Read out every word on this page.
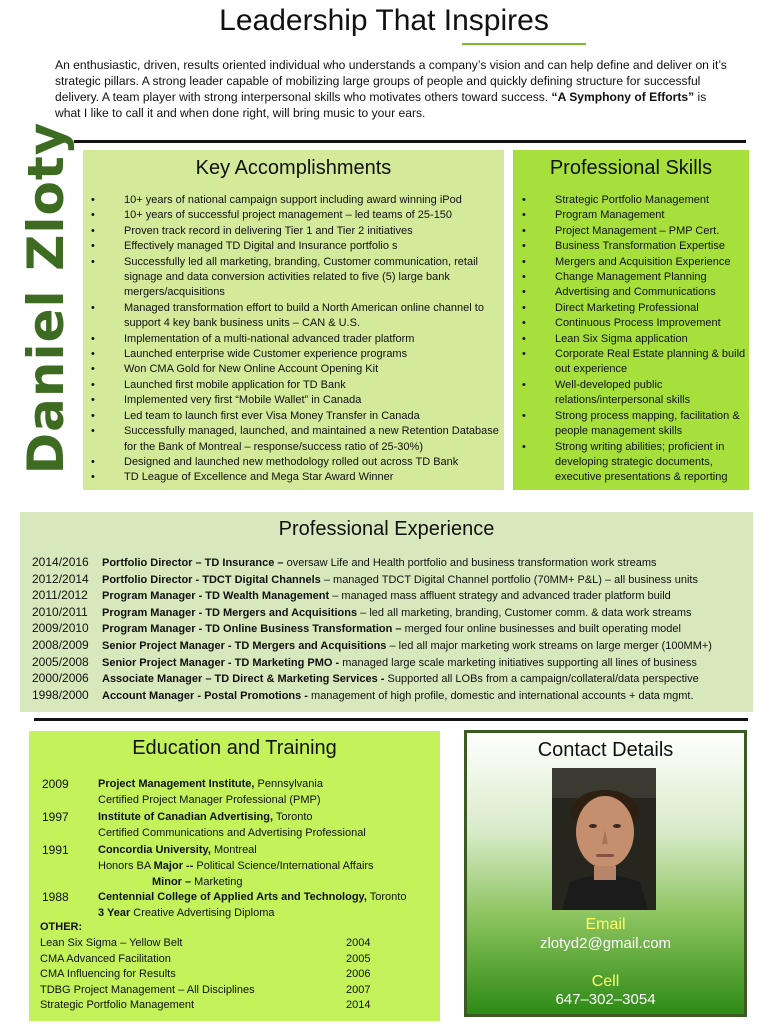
Leadership That Inspires
An enthusiastic, driven, results oriented individual who understands a company’s vision and can help define and deliver on it’s strategic pillars. A strong leader capable of mobilizing large groups of people and quickly defining structure for successful delivery. A team player with strong interpersonal skills who motivates others toward success. “A Symphony of Efforts” is what I like to call it and when done right, will bring music to your ears.
Daniel Zloty	Key Accomplishments
• 10+ years of national campaign support including award winning iPod
• 10+ years of successful project management – led teams of 25-150
• Proven track record in delivering Tier 1 and Tier 2 initiatives
• Effectively managed TD Digital and Insurance portfolio s
• Successfully led all marketing, branding, Customer communication, retail signage and data conversion activities related to five (5) large bank mergers/acquisitions
• Managed transformation effort to build a North American online channel to support 4 key bank business units – CAN & U.S.
• Implementation of a multi-national advanced trader platform
• Launched enterprise wide Customer experience programs
• Won CMA Gold for New Online Account Opening Kit
• Launched first mobile application for TD Bank
• Implemented very first “Mobile Wallet” in Canada
• Led team to launch first ever Visa Money Transfer in Canada
• Successfully managed, launched, and maintained a new Retention Database for the Bank of Montreal – response/success ratio of 25-30%)
• Designed and launched new methodology rolled out across TD Bank
• TD League of Excellence and Mega Star Award Winner
Professional Skills
• Strategic Portfolio Management
• Program Management
• Project Management – PMP Cert.
• Business Transformation Expertise
• Mergers and Acquisition Experience
• Change Management Planning
• Advertising and Communications
• Direct Marketing Professional
• Continuous Process Improvement
• Lean Six Sigma application
• Corporate Real Estate planning & build out experience
• Well-developed public relations/interpersonal skills
• Strong process mapping, facilitation & people management skills
• Strong writing abilities; proficient in developing strategic documents, executive presentations & reporting
Professional Experience
2014/2016 Portfolio Director – TD Insurance – oversaw Life and Health portfolio and business transformation work streams
2012/2014 Portfolio Director - TDCT Digital Channels – managed TDCT Digital Channel portfolio (70MM+ P&L) – all business units
2011/2012 Program Manager - TD Wealth Management – managed mass affluent strategy and advanced trader platform build
2010/2011 Program Manager - TD Mergers and Acquisitions – led all marketing, branding, Customer comm. & data work streams
2009/2010 Program Manager - TD Online Business Transformation – merged four online businesses and built operating model
2008/2009 Senior Project Manager - TD Mergers and Acquisitions – led all major marketing work streams on large merger (100MM+)
2005/2008 Senior Project Manager - TD Marketing PMO - managed large scale marketing initiatives supporting all lines of business
2000/2006 Associate Manager – TD Direct & Marketing Services - Supported all LOBs from a campaign/collateral/data perspective
1998/2000 Account Manager - Postal Promotions - management of high profile, domestic and international accounts + data mgmt.
Education and Training
2009	Project Management Institute, Pennsylvania
Certified Project Manager Professional (PMP)
1997	Institute of Canadian Advertising, Toronto
Certified Communications and Advertising Professional
1991	Concordia University, Montreal
Honors BA Major -- Political Science/International Affairs
Minor – Marketing
1988	Centennial College of Applied Arts and Technology, Toronto
3 Year Creative Advertising Diploma
OTHER:
Lean Six Sigma – Yellow Belt	2004
CMA Advanced Facilitation	2005
CMA Influencing for Results	2006
TDBG Project Management – All Disciplines	2007
Strategic Portfolio Management	2014
Contact Details
Email
zlotyd2@gmail.com
Cell
647–302–3054
